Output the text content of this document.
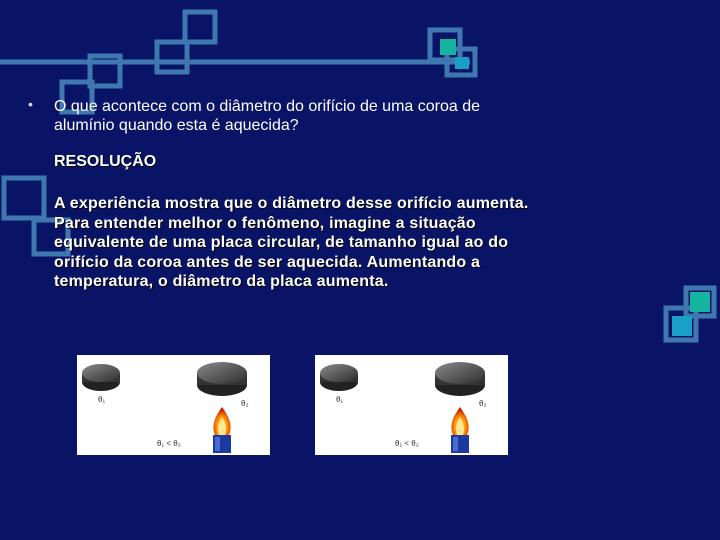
• O que acontece com o diâmetro do orifício de uma coroa de alumínio quando esta é aquecida?
RESOLUÇÃO
A experiência mostra que o diâmetro desse orifício aumenta. Para entender melhor o fenômeno, imagine a situação equivalente de uma placa circular, de tamanho igual ao do orifício da coroa antes de ser aquecida. Aumentando a temperatura, o diâmetro da placa aumenta.
θ₁	θ₂
θ₁ < θ₂
θ₁	θ₂
θ₁ < θ₂
